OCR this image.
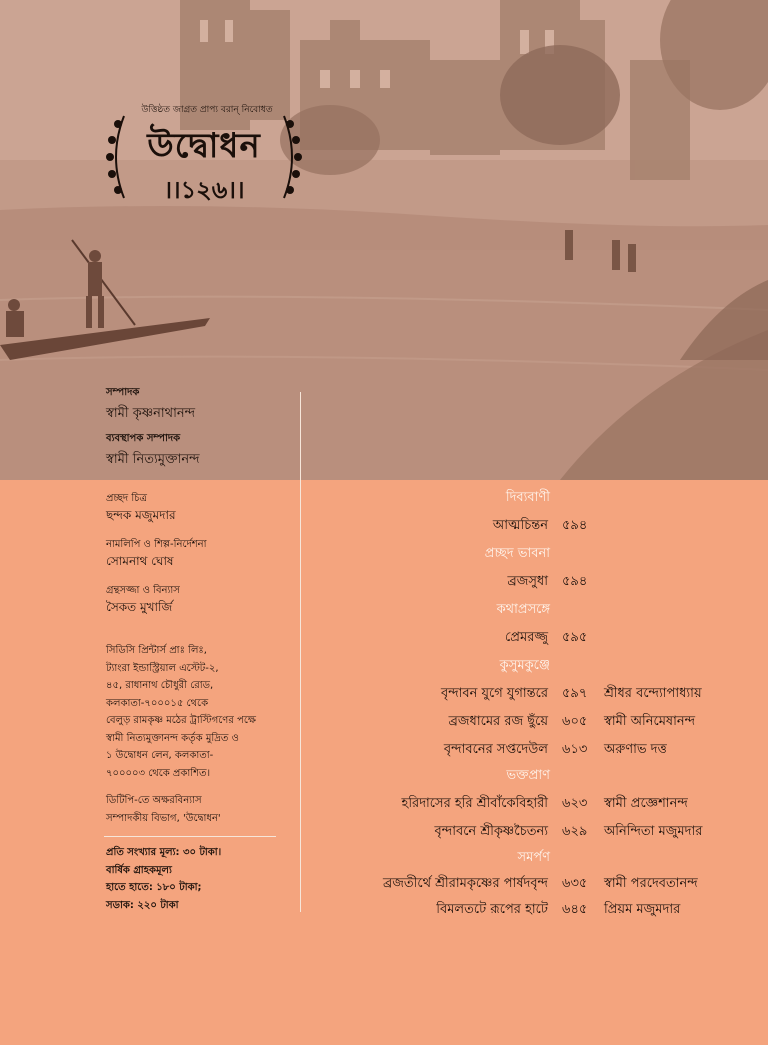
উত্তিষ্ঠত জাগ্রত প্রাপ্য বরান্ নিবোধত
উদ্বোধন
।।১২৬।।
সম্পাদক
স্বামী কৃষ্ণনাথানন্দ
ব্যবস্থাপক সম্পাদক
স্বামী নিত্যমুক্তানন্দ
প্রচ্ছদ চিত্র
ছন্দক মজুমদার
নামলিপি ও শিল্প-নির্দেশনা
সোমনাথ ঘোষ
গ্রন্থসজ্জা ও বিন্যাস
সৈকত মুখার্জি
সিডিসি প্রিন্টার্স প্রাঃ লিঃ,
ট্যাংরা ইন্ডাস্ট্রিয়াল এস্টেট-২,
৪৫, রাধানাথ চৌধুরী রোড,
কলকাতা-৭০০০১৫ থেকে
বেলুড় রামকৃষ্ণ মঠের ট্রাস্টিগণের পক্ষে
স্বামী নিত্যমুক্তানন্দ কর্তৃক মুদ্রিত ও
১ উদ্বোধন লেন, কলকাতা-
৭০০০০৩ থেকে প্রকাশিত।
ডিটিপি-তে অক্ষরবিন্যাস
সম্পাদকীয় বিভাগ, 'উদ্বোধন'
প্রতি সংখ্যার মূল্য: ৩০ টাকা।
বার্ষিক গ্রাহকমূল্য
হাতে হাতে: ১৮০ টাকা;
সডাক: ২২০ টাকা
দিব্যবাণী
আত্মচিন্তন ৫৯৪
প্রচ্ছদ ভাবনা
ব্রজসুধা ৫৯৪
কথাপ্রসঙ্গে
প্রেমরজ্জু ৫৯৫
কুসুমকুঞ্জে
বৃন্দাবন যুগে যুগান্তরে ৫৯৭ শ্রীধর বন্দ্যোপাধ্যায়
ব্রজধামের রজ ছুঁয়ে ৬০৫ স্বামী অনিমেষানন্দ
বৃন্দাবনের সপ্তদেউল ৬১৩ অরুণাভ দত্ত
ভক্তপ্রাণ
হরিদাসের হরি শ্রীবাঁকেবিহারী ৬২৩ স্বামী প্রজ্ঞেশানন্দ
বৃন্দাবনে শ্রীকৃষ্ণচৈতন্য ৬২৯ অনিন্দিতা মজুমদার
সমর্পণ
ব্রজতীর্থে শ্রীরামকৃষ্ণের পার্ষদবৃন্দ ৬৩৫ স্বামী পরদেবতানন্দ
বিমলতটে রূপের হাটে ৬৪৫ প্রিয়ম মজুমদার
